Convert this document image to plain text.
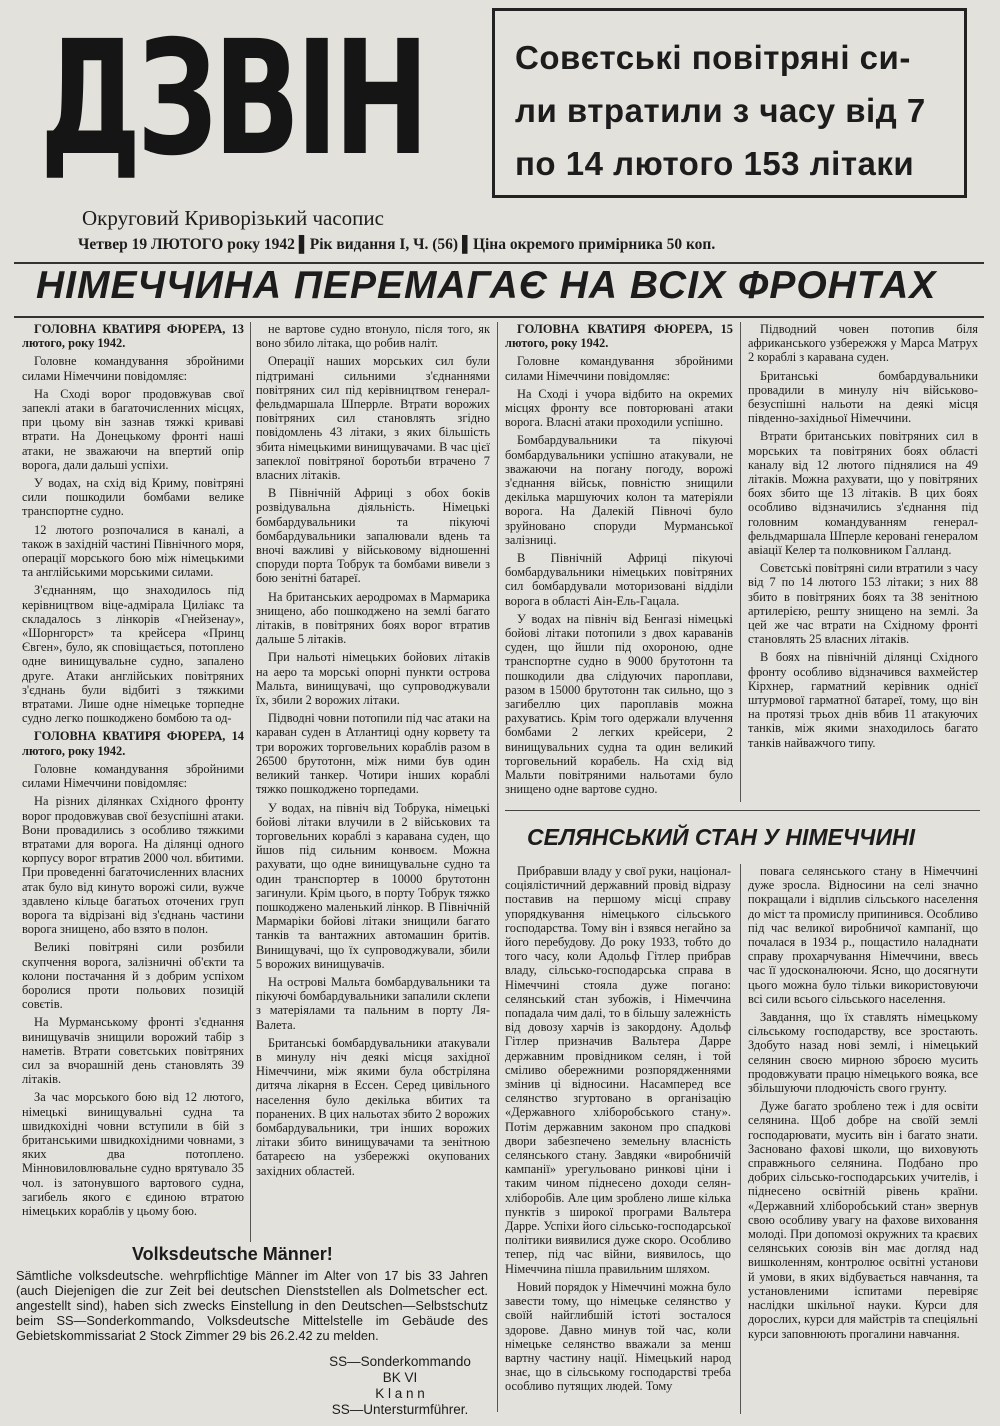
ДЗВІН	Совєтські повітряні си-
ли втратили з часу від 7
по 14 лютого 153 літаки
Округовий Криворізький часопис
Четвер 19 ЛЮТОГО року 1942 ▌Рік видання І, Ч. (56) ▌Ціна окремого примірника 50 коп.
НІМЕЧЧИНА ПЕРЕМАГАЄ НА ВСІХ ФРОНТАХ

ГОЛОВНА КВАТИРЯ ФЮРЕРА, 13 лютого, року 1942.

Головне командування збройними силами Німеччини повідомляє:

На Сході ворог продовжував свої запеклі атаки в багаточисленних місцях, при цьому він зазнав тяжкі криваві втрати. На Донецькому фронті нашi атаки, не зважаючи на впертий опір ворога, дали дальші успіхи.

У водах, на схід від Криму, повітряні сили пошкодили бомбами велике транспортне судно.

12 лютого розпочалися в каналі, а також в західній частині Північного моря, операції морського бою між німецькими та англійськими морськими силами.

З'єднанням, що знаходилось під керівництвом віце-адмірала Циліакс та складалось з лінкорів «Гнейзенау», «Шорнгорст» та крейсера «Принц Євген», було, як сповіщається, потоплено одне винищувальне судно, запалено друге. Атаки англійських повітряних з'єднань були відбиті з тяжкими втратами. Лише одне німецьке торпедне судно легко пошкоджено бомбою та од-

ГОЛОВНА КВАТИРЯ ФЮРЕРА, 14 лютого, року 1942.

Головне командування збройними силами Німеччини повідомляє:

На різних ділянках Східного фронту ворог продовжував свої безуспішні атаки. Вони провадились з особливо тяжкими втратами для ворога. На ділянці одного корпусу ворог втратив 2000 чол. вбитими. При проведенні багаточисленних власних атак було від кинуто ворожі сили, вужче здавлено кільце багатьох оточених груп ворога та відрізані від з'єднань частини ворога знищено, або взято в полон.

Великі повітряні сили розбили скупчення ворога, залізничні об'єкти та колони постачання й з добрим успіхом боролися проти польових позицій совєтів.

На Мурманському фронті з'єднання винищувачів знищили ворожий табір з наметів. Втрати совєтських повітряних сил за вчорашній день становлять 39 літаків.

За час морського бою від 12 лютого, німецькі винищувальні судна та швидкохідні човни вступили в бій з британськими швидкохідними човнами, з яких два потоплено. Мінновиловлювальне судно врятувало 35 чол. із затонувшого вартового судна, загибель якого є єдиною втратою німецьких кораблів у цьому бою.

не вартове судно втонуло, після того, як воно збило літака, що робив наліт.

Операції наших морських сил були підтримані сильними з'єднаннями повітряних сил під керівництвом генерал-фельдмаршала Шперрле. Втрати ворожих повітряних сил становлять згідно повідомлень 43 літаки, з яких більшість збита німецькими винищувачами. В час цієї запеклої повітряної боротьби втрачено 7 власних літаків.

В Північній Африці з обох боків розвідувальна діяльність. Німецькі бомбардувальники та пікуючі бомбардувальники запалювали вдень та вночі важливі у військовому відношенні споруди порта Тобрук та бомбами вивели з бою зенітні батареї.

На британських аеродромах в Мармарика знищено, або пошкоджено на землі багато літаків, в повітряних боях ворог втратив дальше 5 літаків.

При нальоті німецьких бойових літаків на аеро та морські опорні пункти острова Мальта, винищувачі, що супроводжували їх, збили 2 ворожих літаки.

Підводні човни потопили під час атаки на караван суден в Атлантиці одну корвету та три ворожих торговельних кораблів разом в 26500 брутотонн, між ними був один великий танкер. Чотири інших кораблі тяжко пошкоджено торпедами.

У водах, на північ від Тобрука, німецькі бойові літаки влучили в 2 військових та торговельних кораблі з каравана суден, що йшов під сильним конвоєм. Можна рахувати, що одне винищувальне судно та один транспортер в 10000 брутотонн загинули. Крім цього, в порту Тобрук тяжко пошкоджено маленький лінкор. В Північній Мармаріки бойові літаки знищили багато танків та вантажних автомашин бритів. Винищувачі, що їх супроводжували, збили 5 ворожих винищувачів.

На острові Мальта бомбардувальники та пікуючі бомбардувальники запалили склепи з матеріялами та пальним в порту Ля-Валета.

Британські бомбардувальники атакували в минулу ніч деякі місця західної Німеччини, між якими була обстріляна дитяча лікарня в Ессен. Серед цивільного населення було декілька вбитих та поранених. В цих нальотах збито 2 ворожих бомбардувальники, три інших ворожих літаки збито винищувачами та зенітною батареєю на узбережжі окупованих західних областей.

ГОЛОВНА КВАТИРЯ ФЮРЕРА, 15 лютого, року 1942.

Головне командування збройними силами Німеччини повідомляє:

На Сході і учора відбито на окремих місцях фронту все повторювані атаки ворога. Власні атаки проходили успішно.

Бомбардувальники та пікуючі бомбардувальники успішно атакували, не зважаючи на погану погоду, ворожі з'єднання військ, повністю знищили декілька маршуючих колон та матеріяли ворога. На Далекій Півночі було зруйновано споруди Мурманської залізниці.

В Північній Африці пікуючі бомбардувальники німецьких повітряних сил бомбардували моторизовані відділи ворога в області Аін-Ель-Гацала.

У водах на північ від Бенгазі німецькі бойові літаки потопили з двох караванів суден, що йшли під охороною, одне транспортне судно в 9000 брутотонн та пошкодили два слідуючих пароплави, разом в 15000 брутотонн так сильно, що з загибеллю цих пароплавів можна рахуватись. Крім того одержали влучення бомбами 2 легких крейсери, 2 винищувальних судна та один великий торговельний корабель. На схід від Мальти повітряними нальотами було знищено одне вартове судно.

Підводний човен потопив біля африканського узбережжя у Марса Матрух 2 кораблі з каравана суден.

Британські бомбардувальники провадили в минулу ніч військово-безуспішні нальоти на деякі місця південно-західньої Німеччини.

Втрати британських повітряних сил в морських та повітряних боях області каналу від 12 лютого піднялися на 49 літаків. Можна рахувати, що у повітряних боях збито ще 13 літаків. В цих боях особливо відзначились з'єднання під головним командуванням генерал-фельдмаршала Шперле керовані генералом авіації Келер та полковником Галланд.

Совєтські повітряні сили втратили з часу від 7 по 14 лютого 153 літаки; з них 88 збито в повітряних боях та 38 зенітною артилерією, решту знищено на землі. За цей же час втрати на Східному фронті становлять 25 власних літаків.

В боях на північній ділянці Східного фронту особливо відзначився вахмейстер Кірхнер, гарматний керівник однієї штурмової гарматної батареї, тому, що він на протязі трьох днів вбив 11 атакуючих танків, між якими знаходилось багато танків найважчого типу.

СЕЛЯНСЬКИЙ СТАН У НІМЕЧЧИНІ

Прибравши владу у свої руки, націонал-соціялістичний державний провід відразу поставив на першому місці справу упорядкування німецького сільського господарства. Тому він і взявся негайно за його перебудову. До року 1933, тобто до того часу, коли Адольф Гітлер прибрав владу, сільсько-господарська справа в Німеччині стояла дуже погано: селянський стан зубожів, і Німеччина попадала чим далі, то в більшу залежність від довозу харчів із закордону. Адольф Гітлер призначив Вальтера Дарре державним провідником селян, і той сміливо обережними розпорядженнями змінив ці відносини. Насамперед все селянство згуртовано в організацію «Державного хліборобського стану». Потім державним законом про спадкові двори забезпечено земельну власність селянського стану. Завдяки «виробничій кампанії» урегульовано ринкові ціни і таким чином піднесено доходи селян-хліборобів. Але цим зроблено лише кілька пунктів з широкої програми Вальтера Дарре. Успіхи його сільсько-господарської політики виявилися дуже скоро. Особливо тепер, під час війни, виявилось, що Німеччина пішла правильним шляхом.

Новий порядок у Німеччині можна було завести тому, що німецьке селянство у своїй найглибшій істоті зосталося здорове. Давно минув той час, коли німецьке селянство вважали за менш вартну частину нації. Німецький народ знає, що в сільському господарстві треба особливо путящих людей. Тому

повага селянського стану в Німеччині дуже зросла. Відносини на селі значно покращали і відплив сільського населення до міст та промислу припинився. Особливо під час великої виробничої кампанії, що почалася в 1934 р., пощастило наладнати справу прохарчування Німеччини, ввесь час її удосконалюючи. Ясно, що досягнути цього можна було тільки використовуючи всі сили всього сільського населення.

Завдання, що їх ставлять німецькому сільському господарству, все зростають. Здобуто назад нові землі, і німецький селянин своєю мирною зброєю мусить продовжувати працю німецького вояка, все збільшуючи плодючість свого грунту.

Дуже багато зроблено теж і для освіти селянина. Щоб добре на своїй землі господарювати, мусить він і багато знати. Засновано фахові школи, що виховують справжнього селянина. Подбано про добрих сільсько-господарських учителів, і піднесено освітній рівень країни. «Державний хліборобський стан» звернув свою особливу увагу на фахове виховання молоді. При допомозі окружних та краєвих селянських союзів він має догляд над вишколенням, контролює освітні установи й умови, в яких відбувається навчання, та установленими іспитами перевіряє наслідки шкільної науки. Курси для дорослих, курси для майстрів та спеціяльні курси заповнюють прогалини навчання.

Volksdeutsche Männer!
Sämtliche volksdeutsche. wehrpflichtige Männer im Alter von 17 bis 33 Jahren (auch Diejenigen die zur Zeit bei deutschen Dienststellen als Dolmetscher ect. angestellt sind), haben sich zwecks Einstellung in den Deutschen—Selbstschutz beim SS—Sonderkommando, Volksdeutsche Mittelstelle im Gebäude des Gebietskommissariat 2 Stock Zimmer 29 bis 26.2.42 zu melden.
SS—Sonderkommando
BK VI
K l a n n
SS—Untersturmführer.
